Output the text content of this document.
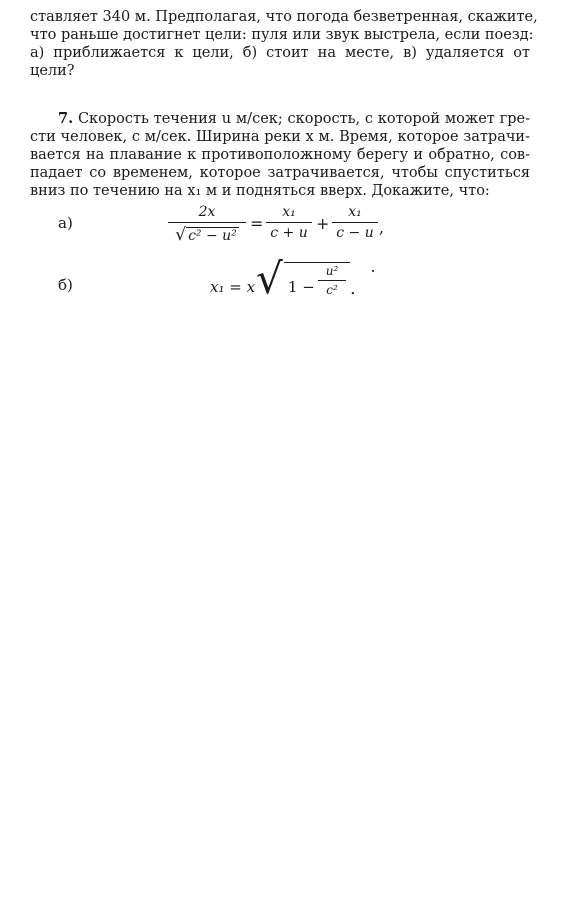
ставляет 340 м. Предполагая, что погода безветренная, скажите,
что раньше достигнет цели: пуля или звук выстрела, если поезд:
а) приближается к цели, б) стоит на месте, в) удаляется от
цели?
7. Скорость течения u м/сек; скорость, с которой может гре-
сти человек, с м/сек. Ширина реки x м. Время, которое затрачи-
вается на плавание к противоположному берегу и обратно, сов-
падает со временем, которое затрачивается, чтобы спуститься
вниз по течению на x₁ м и подняться вверх. Докажите, что:
а)	$\frac{2x}{\text{√ c² − u²}} = \frac{\text{x₁}}{c + u} + \frac{\text{x₁}}{c - u}$ ,
б)	x₁ = x √ $1 - \frac{\text{u²}}{\text{c²}}$ .
